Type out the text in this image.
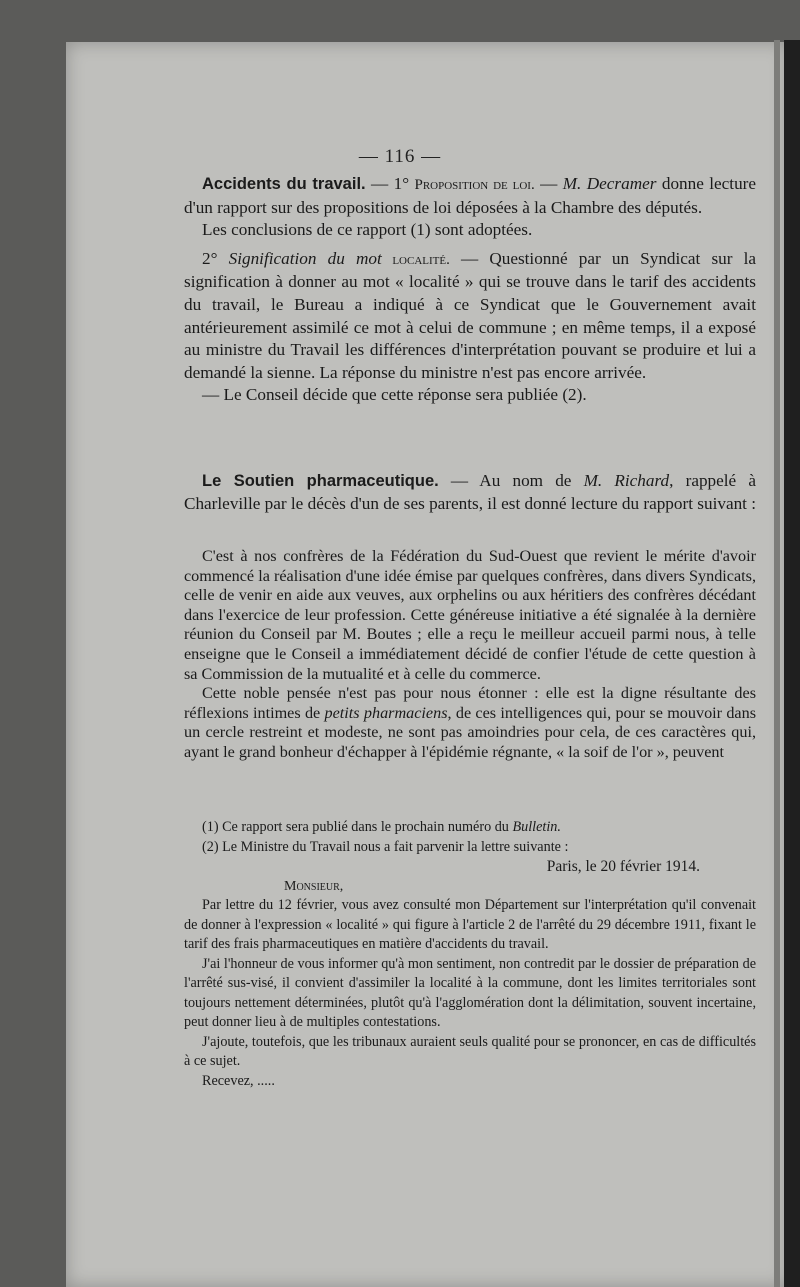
— 116 —

Accidents du travail. — 1° Proposition de loi. — M. Decramer donne lecture d'un rapport sur des propositions de loi déposées à la Chambre des députés.

Les conclusions de ce rapport (1) sont adoptées.

2° Signification du mot localité. — Questionné par un Syndicat sur la signification à donner au mot « localité » qui se trouve dans le tarif des accidents du travail, le Bureau a indiqué à ce Syndicat que le Gouvernement avait antérieurement assimilé ce mot à celui de commune ; en même temps, il a exposé au ministre du Travail les différences d'interprétation pouvant se produire et lui a demandé la sienne. La réponse du ministre n'est pas encore arrivée.

— Le Conseil décide que cette réponse sera publiée (2).

Le Soutien pharmaceutique. — Au nom de M. Richard, rappelé à Charleville par le décès d'un de ses parents, il est donné lecture du rapport suivant :

C'est à nos confrères de la Fédération du Sud-Ouest que revient le mérite d'avoir commencé la réalisation d'une idée émise par quelques confrères, dans divers Syndicats, celle de venir en aide aux veuves, aux orphelins ou aux héritiers des confrères décédant dans l'exercice de leur profession. Cette généreuse initiative a été signalée à la dernière réunion du Conseil par M. Boutes ; elle a reçu le meilleur accueil parmi nous, à telle enseigne que le Conseil a immédiatement décidé de confier l'étude de cette question à sa Commission de la mutualité et à celle du commerce.

Cette noble pensée n'est pas pour nous étonner : elle est la digne résultante des réflexions intimes de petits pharmaciens, de ces intelligences qui, pour se mouvoir dans un cercle restreint et modeste, ne sont pas amoindries pour cela, de ces caractères qui, ayant le grand bonheur d'échapper à l'épidémie régnante, « la soif de l'or », peuvent

(1) Ce rapport sera publié dans le prochain numéro du Bulletin.

(2) Le Ministre du Travail nous a fait parvenir la lettre suivante :

Paris, le 20 février 1914.

Monsieur,

Par lettre du 12 février, vous avez consulté mon Département sur l'interprétation qu'il convenait de donner à l'expression « localité » qui figure à l'article 2 de l'arrêté du 29 décembre 1911, fixant le tarif des frais pharmaceutiques en matière d'accidents du travail.

J'ai l'honneur de vous informer qu'à mon sentiment, non contredit par le dossier de préparation de l'arrêté sus-visé, il convient d'assimiler la localité à la commune, dont les limites territoriales sont toujours nettement déterminées, plutôt qu'à l'agglomération dont la délimitation, souvent incertaine, peut donner lieu à de multiples contestations.

J'ajoute, toutefois, que les tribunaux auraient seuls qualité pour se prononcer, en cas de difficultés à ce sujet.

Recevez, .....
